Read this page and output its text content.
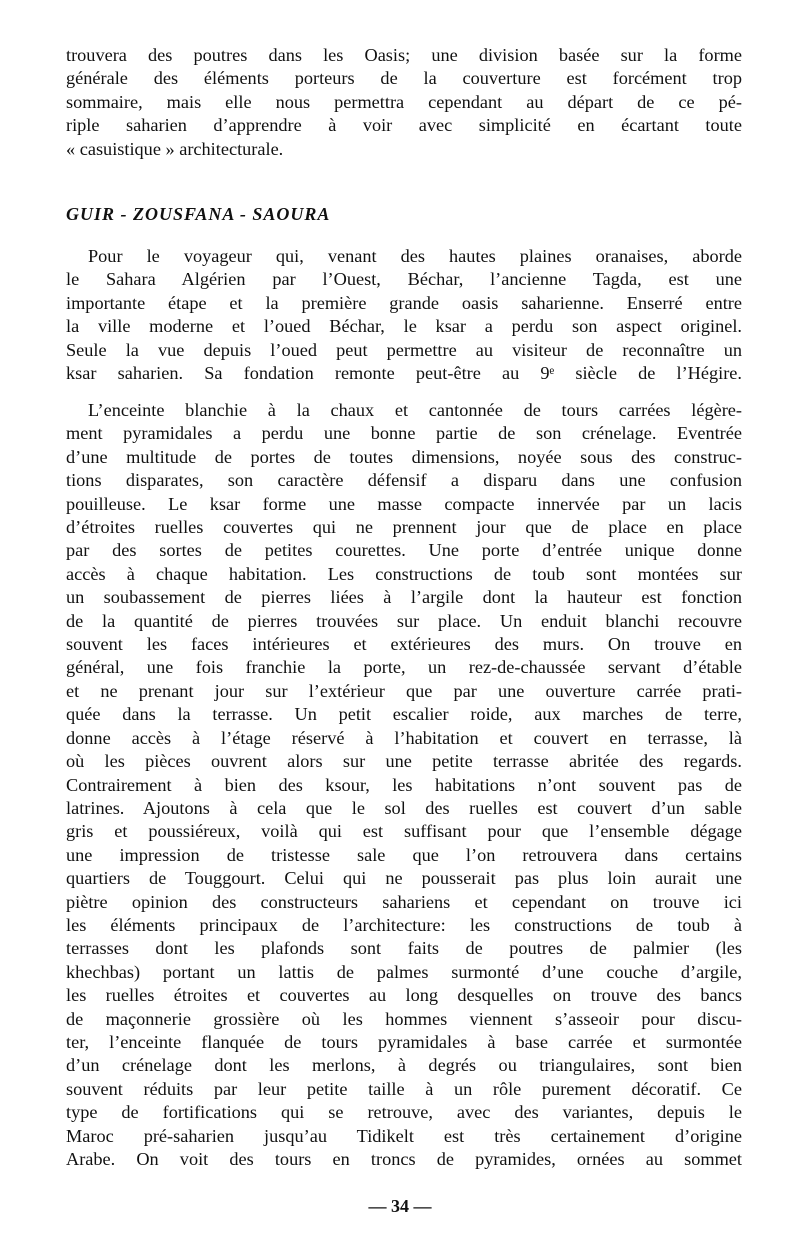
trouvera des poutres dans les Oasis; une division basée sur la forme
générale des éléments porteurs de la couverture est forcément trop
sommaire, mais elle nous permettra cependant au départ de ce pé-
riple saharien d’apprendre à voir avec simplicité en écartant toute
« casuistique » architecturale.
GUIR - ZOUSFANA - SAOURA
Pour le voyageur qui, venant des hautes plaines oranaises, aborde
le Sahara Algérien par l’Ouest, Béchar, l’ancienne Tagda, est une
importante étape et la première grande oasis saharienne. Enserré entre
la ville moderne et l’oued Béchar, le ksar a perdu son aspect originel.
Seule la vue depuis l’oued peut permettre au visiteur de reconnaître un
ksar saharien. Sa fondation remonte peut-être au 9ᵉ siècle de l’Hégire.
L’enceinte blanchie à la chaux et cantonnée de tours carrées légère-
ment pyramidales a perdu une bonne partie de son crénelage. Eventrée
d’une multitude de portes de toutes dimensions, noyée sous des construc-
tions disparates, son caractère défensif a disparu dans une confusion
pouilleuse. Le ksar forme une masse compacte innervée par un lacis
d’étroites ruelles couvertes qui ne prennent jour que de place en place
par des sortes de petites courettes. Une porte d’entrée unique donne
accès à chaque habitation. Les constructions de toub sont montées sur
un soubassement de pierres liées à l’argile dont la hauteur est fonction
de la quantité de pierres trouvées sur place. Un enduit blanchi recouvre
souvent les faces intérieures et extérieures des murs. On trouve en
général, une fois franchie la porte, un rez-de-chaussée servant d’étable
et ne prenant jour sur l’extérieur que par une ouverture carrée prati-
quée dans la terrasse. Un petit escalier roide, aux marches de terre,
donne accès à l’étage réservé à l’habitation et couvert en terrasse, là
où les pièces ouvrent alors sur une petite terrasse abritée des regards.
Contrairement à bien des ksour, les habitations n’ont souvent pas de
latrines. Ajoutons à cela que le sol des ruelles est couvert d’un sable
gris et poussiéreux, voilà qui est suffisant pour que l’ensemble dégage
une impression de tristesse sale que l’on retrouvera dans certains
quartiers de Touggourt. Celui qui ne pousserait pas plus loin aurait une
piètre opinion des constructeurs sahariens et cependant on trouve ici
les éléments principaux de l’architecture: les constructions de toub à
terrasses dont les plafonds sont faits de poutres de palmier (les
khechbas) portant un lattis de palmes surmonté d’une couche d’argile,
les ruelles étroites et couvertes au long desquelles on trouve des bancs
de maçonnerie grossière où les hommes viennent s’asseoir pour discu-
ter, l’enceinte flanquée de tours pyramidales à base carrée et surmontée
d’un crénelage dont les merlons, à degrés ou triangulaires, sont bien
souvent réduits par leur petite taille à un rôle purement décoratif. Ce
type de fortifications qui se retrouve, avec des variantes, depuis le
Maroc pré-saharien jusqu’au Tidikelt est très certainement d’origine
Arabe. On voit des tours en troncs de pyramides, ornées au sommet
— 34 —
